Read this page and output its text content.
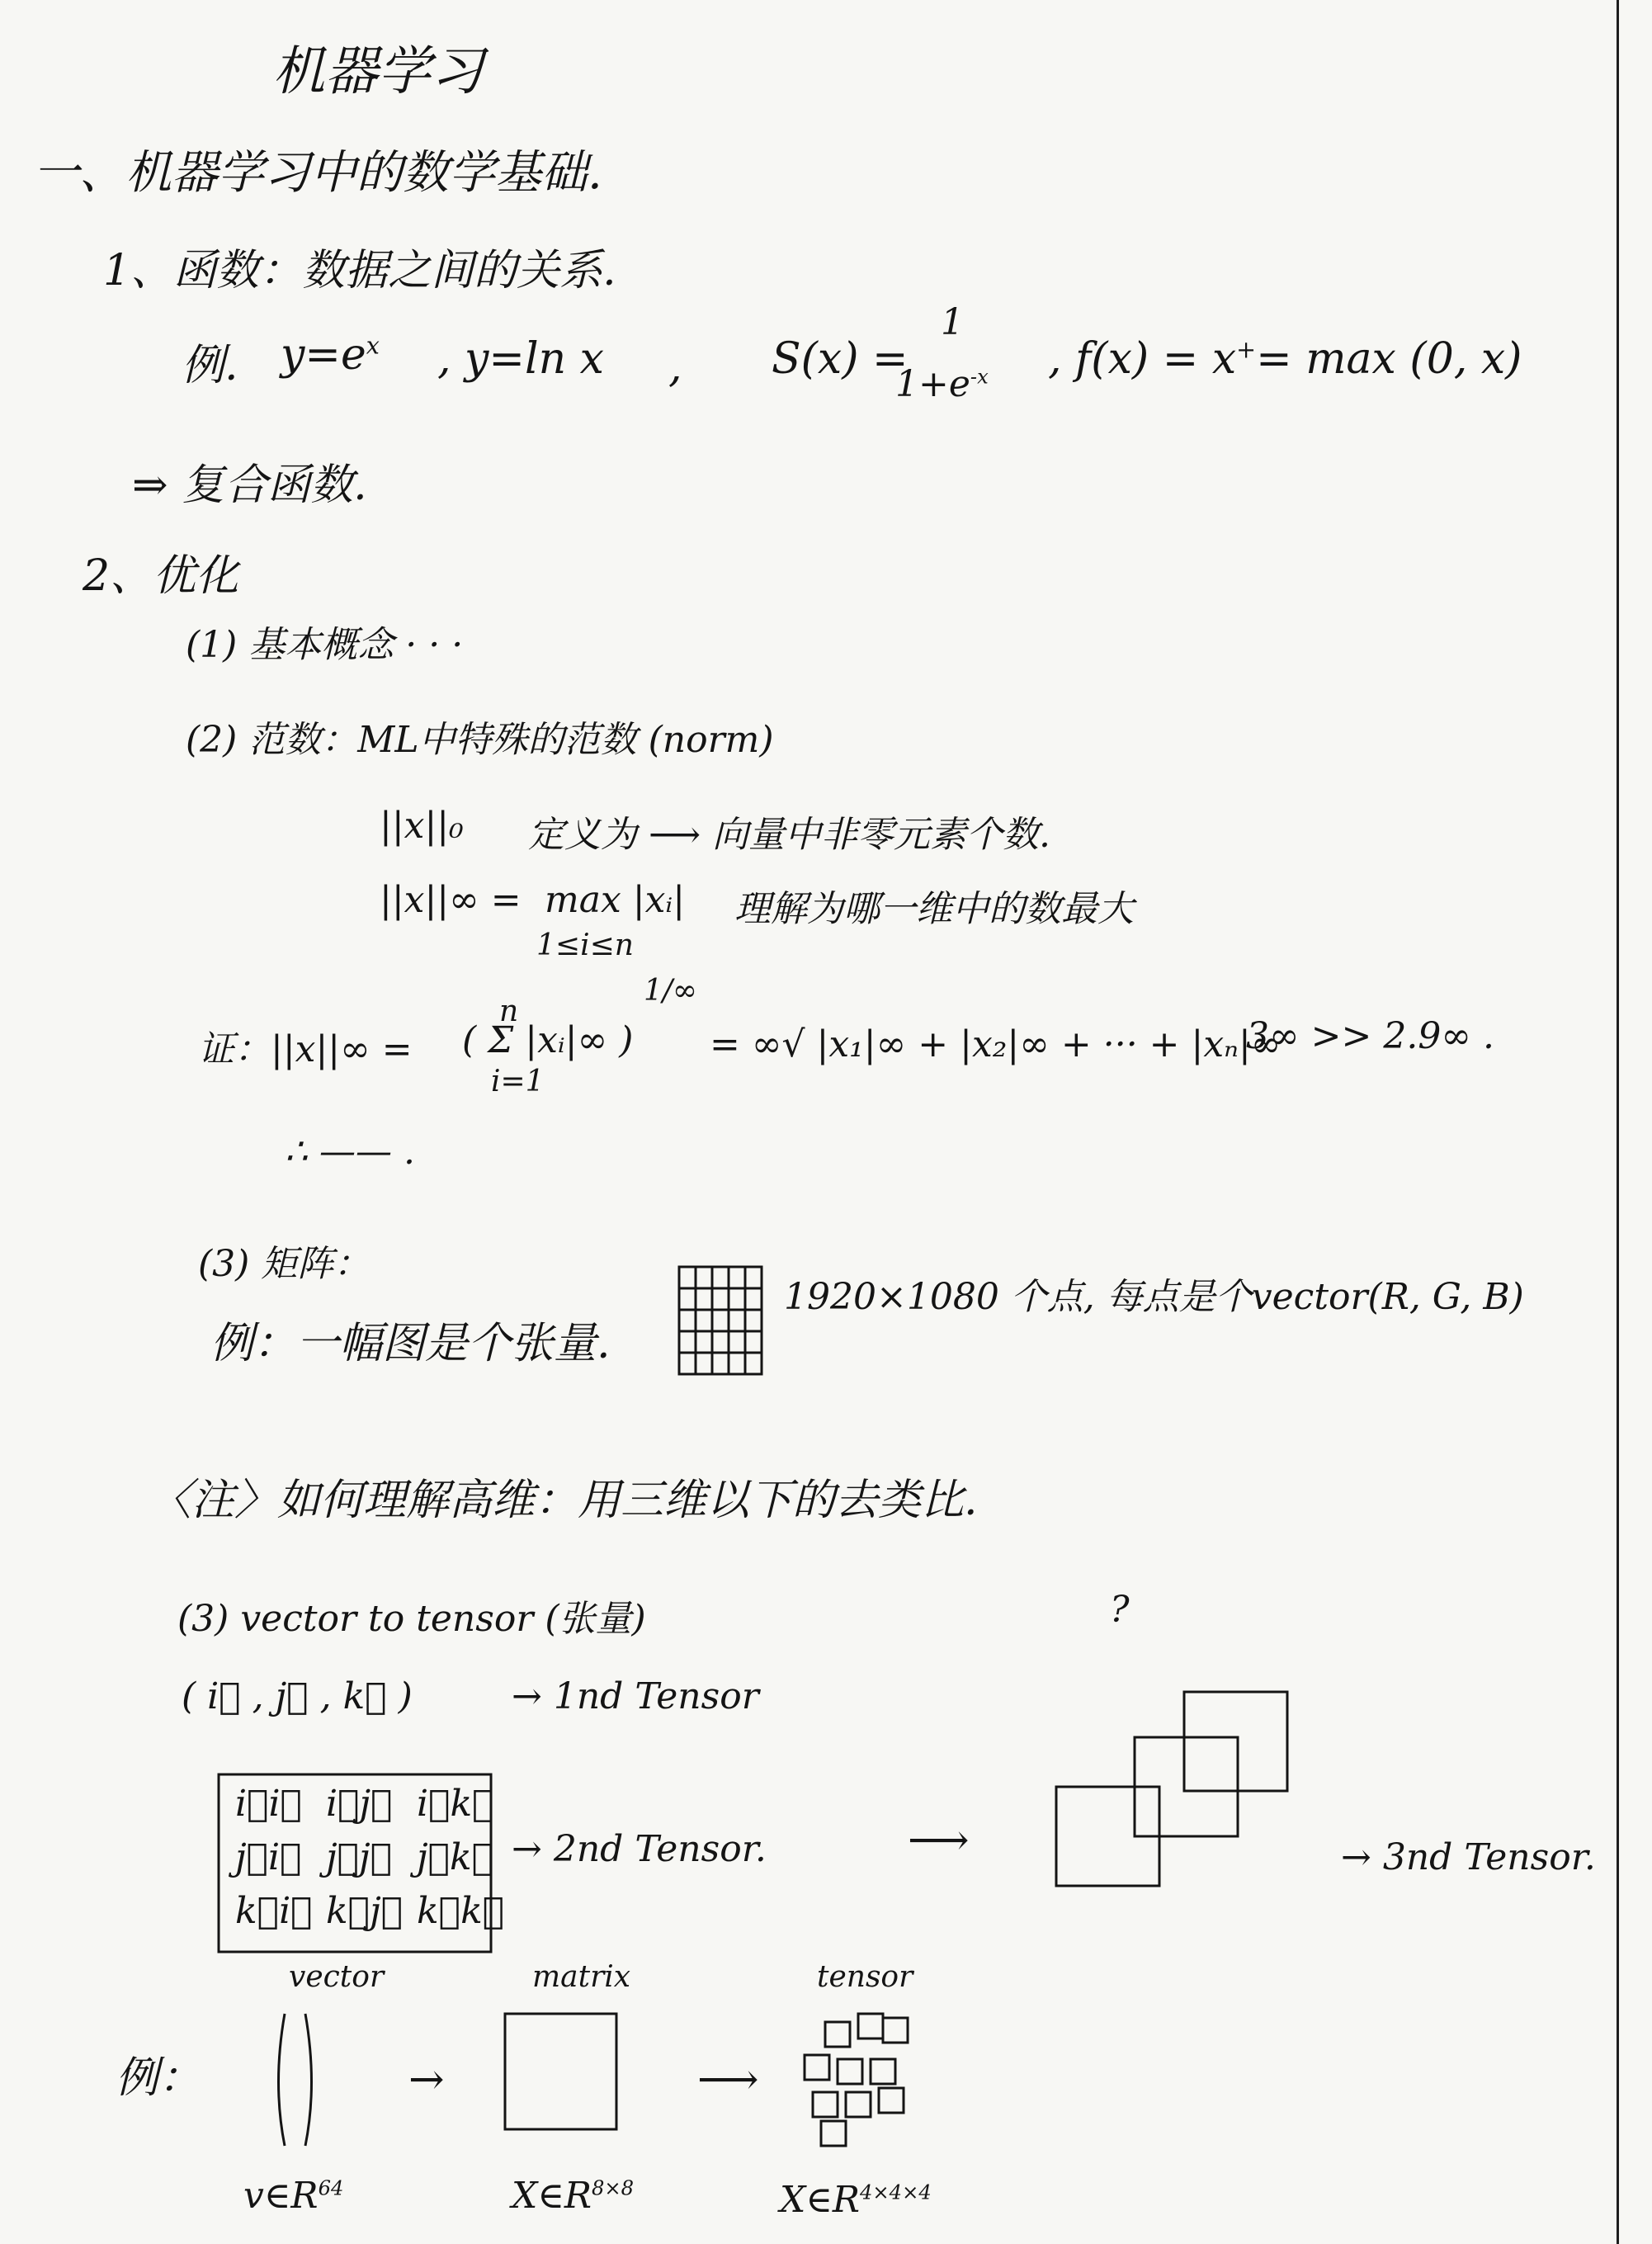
机器学习
一、机器学习中的数学基础.
1、函数：数据之间的关系.
例. $y=e^x$ , y=ln x , S(x) =
1
$1+e^{-x}$ , f(x) = x+= max (0, x)
⇒ 复合函数.
2、优化
(1) 基本概念 · · ·
(2) 范数：ML中特殊的范数 (norm)
||x||₀ 定义为 ⟶ 向量中非零元素个数.
||x||∞ = max |xᵢ|
1≤i≤n
理解为哪一维中的数最大
证：||x||∞ = ( Σ |xᵢ|∞ )
n
i=1
1/∞
= ∞√ |x₁|∞ + |x₂|∞ + ··· + |xₙ|∞
3∞ >> 2.9∞ .
∴ —— .
(3) 矩阵：
例：一幅图是个张量.
1920×1080 个点, 每点是个vector(R, G, B)
〈注〉如何理解高维：用三维以下的去类比.
(3) vector to tensor (张量)	?
( i⃗ , j⃗ , k⃗ )	→ 1nd Tensor
i⃗i⃗ i⃗j⃗ i⃗k⃗
j⃗i⃗ j⃗j⃗ j⃗k⃗
k⃗i⃗ k⃗j⃗ k⃗k⃗
→ 2nd Tensor.	⟶	→ 3nd Tensor.
例：
vector	matrix	tensor
→	⟶
$v\in R^{64}$	$X\in R^{8\times 8}$	$X\in R^{4\times 4\times 4}$
